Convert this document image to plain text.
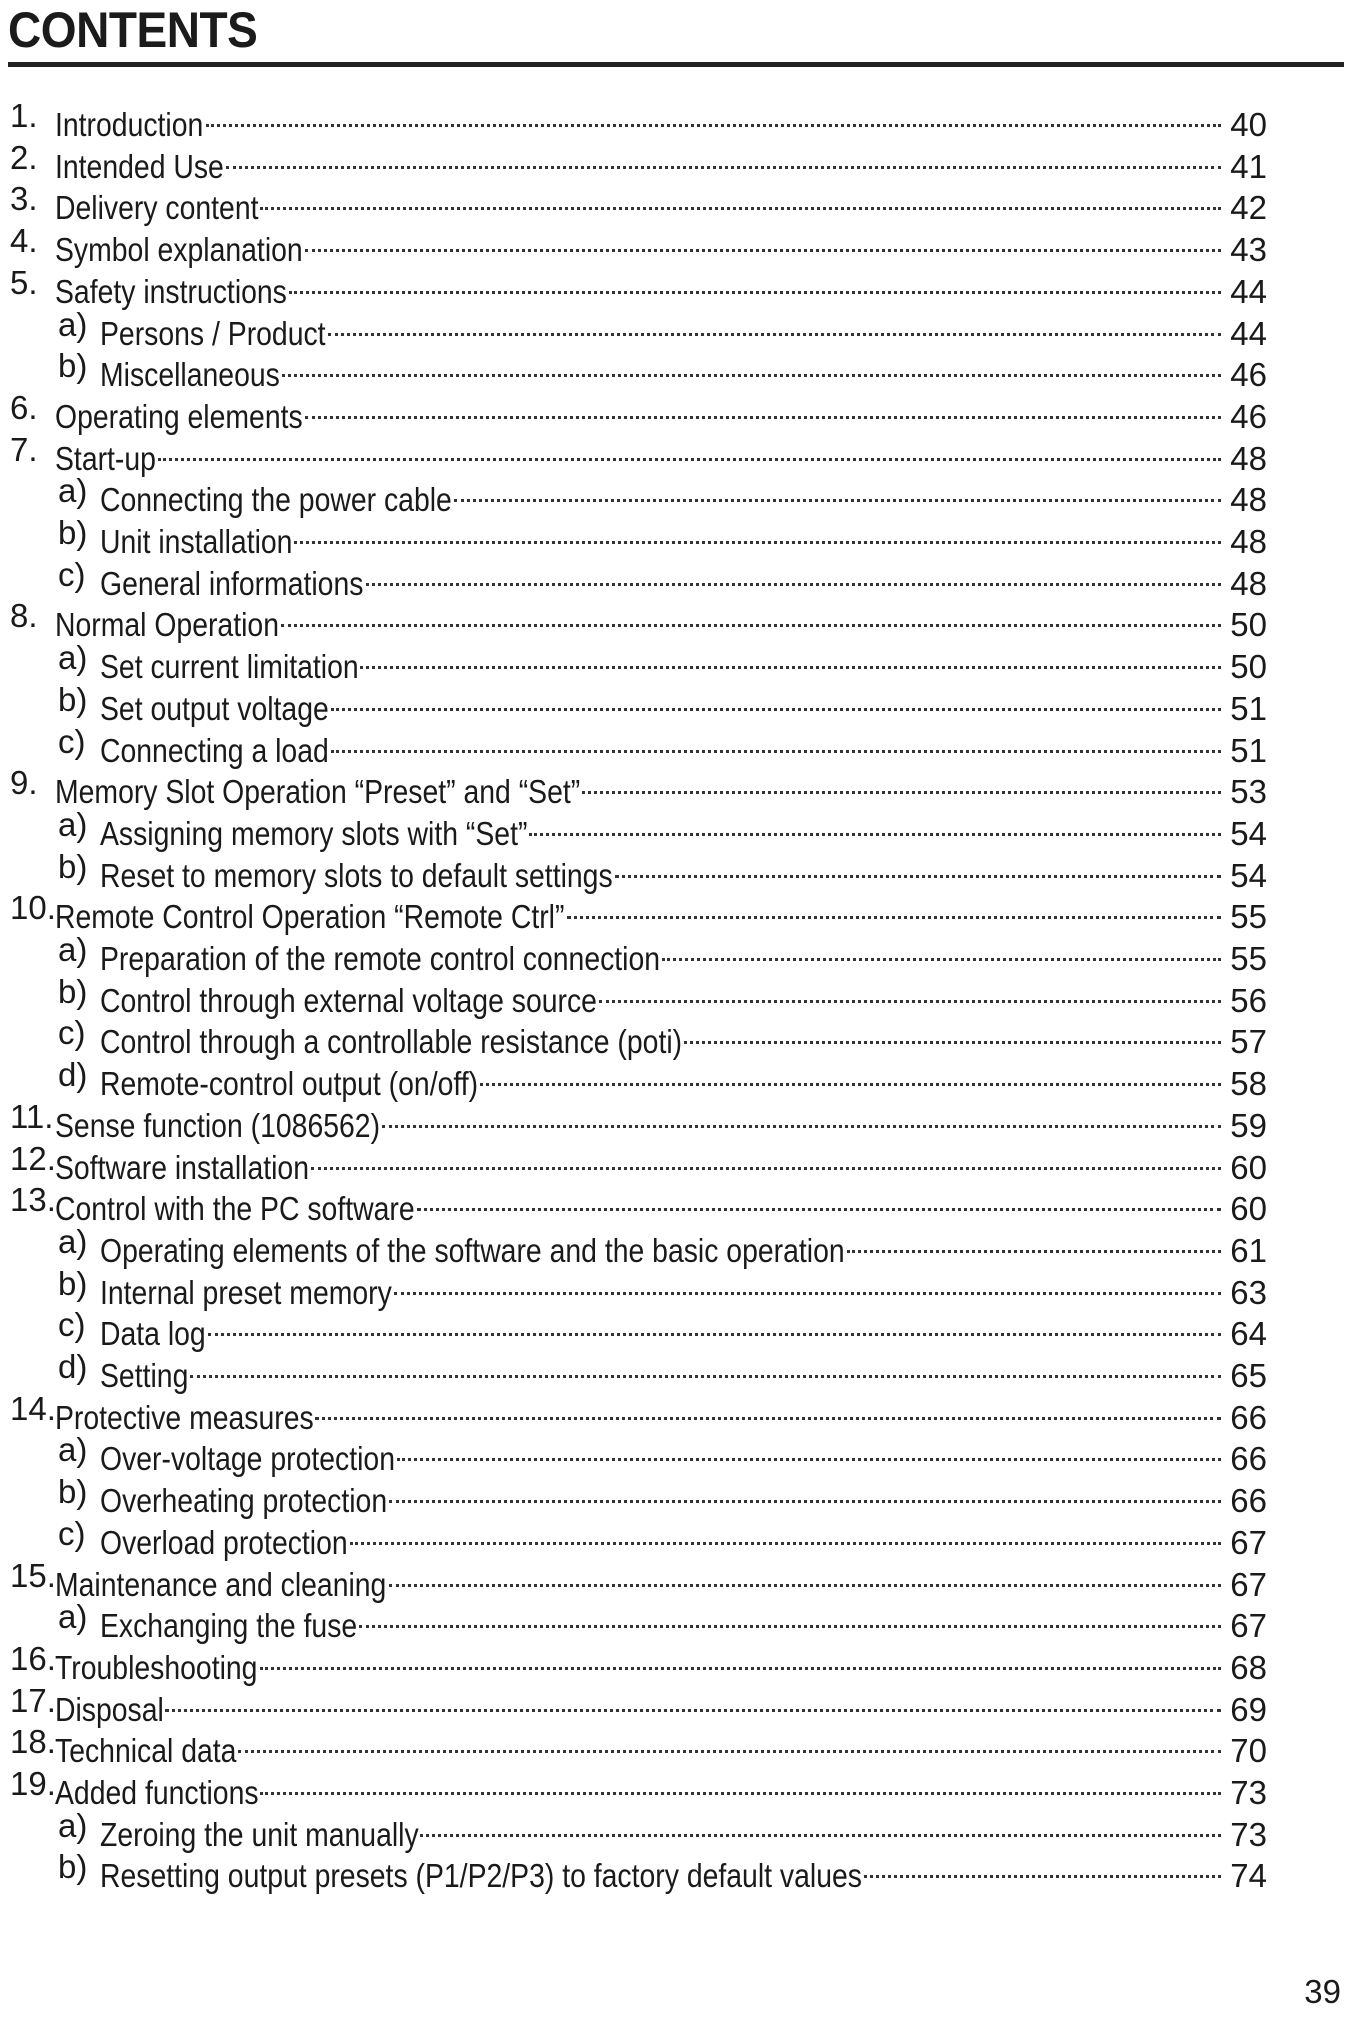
CONTENTS
1. Introduction	40
2. Intended Use	41
3. Delivery content	42
4. Symbol explanation	43
5. Safety instructions	44
a) Persons / Product	44
b) Miscellaneous	46
6. Operating elements	46
7. Start-up	48
a) Connecting the power cable	48
b) Unit installation	48
c) General informations	48
8. Normal Operation	50
a) Set current limitation	50
b) Set output voltage	51
c) Connecting a load	51
9. Memory Slot Operation “Preset” and “Set”	53
a) Assigning memory slots with “Set”	54
b) Reset to memory slots to default settings	54
10. Remote Control Operation “Remote Ctrl”	55
a) Preparation of the remote control connection	55
b) Control through external voltage source	56
c) Control through a controllable resistance (poti)	57
d) Remote-control output (on/off)	58
11. Sense function (1086562)	59
12. Software installation	60
13. Control with the PC software	60
a) Operating elements of the software and the basic operation	61
b) Internal preset memory	63
c) Data log	64
d) Setting	65
14. Protective measures	66
a) Over-voltage protection	66
b) Overheating protection	66
c) Overload protection	67
15. Maintenance and cleaning	67
a) Exchanging the fuse	67
16. Troubleshooting	68
17. Disposal	69
18. Technical data	70
19. Added functions	73
a) Zeroing the unit manually	73
b) Resetting output presets (P1/P2/P3) to factory default values	74
39
